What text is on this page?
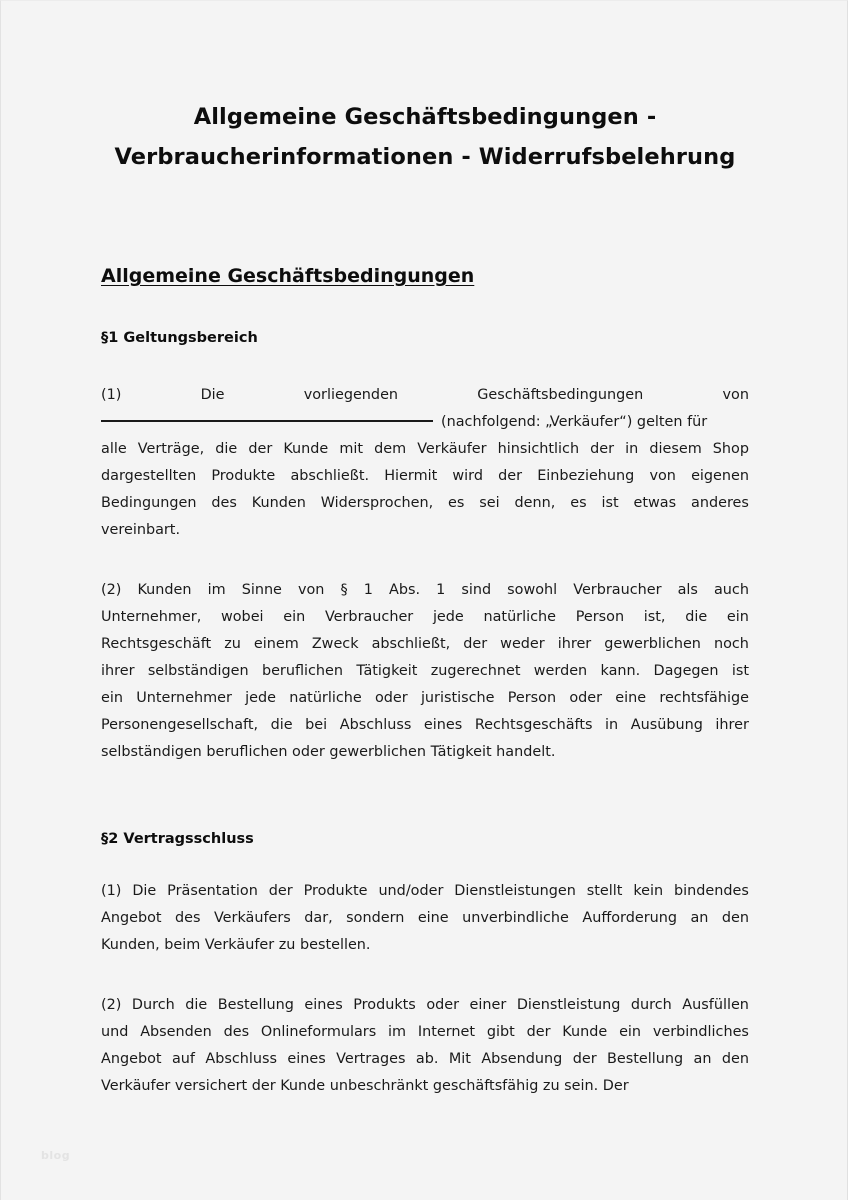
Allgemeine Geschäftsbedingungen -
Verbraucherinformationen - Widerrufsbelehrung
Allgemeine Geschäftsbedingungen
§1 Geltungsbereich

(1)	Die	vorliegenden	Geschäftsbedingungen	von
(nachfolgend: „Verkäufer“) gelten für
alle Verträge, die der Kunde mit dem Verkäufer hinsichtlich der in diesem Shop
dargestellten Produkte abschließt. Hiermit wird der Einbeziehung von eigenen
Bedingungen des Kunden Widersprochen, es sei denn, es ist etwas anderes
vereinbart.

(2) Kunden im Sinne von § 1 Abs. 1 sind sowohl Verbraucher als auch
Unternehmer, wobei ein Verbraucher jede natürliche Person ist, die ein
Rechtsgeschäft zu einem Zweck abschließt, der weder ihrer gewerblichen noch
ihrer selbständigen beruflichen Tätigkeit zugerechnet werden kann. Dagegen ist
ein Unternehmer jede natürliche oder juristische Person oder eine rechtsfähige
Personengesellschaft, die bei Abschluss eines Rechtsgeschäfts in Ausübung ihrer
selbständigen beruflichen oder gewerblichen Tätigkeit handelt.

§2 Vertragsschluss

(1) Die Präsentation der Produkte und/oder Dienstleistungen stellt kein bindendes
Angebot des Verkäufers dar, sondern eine unverbindliche Aufforderung an den
Kunden, beim Verkäufer zu bestellen.

(2) Durch die Bestellung eines Produkts oder einer Dienstleistung durch Ausfüllen
und Absenden des Onlineformulars im Internet gibt der Kunde ein verbindliches
Angebot auf Abschluss eines Vertrages ab. Mit Absendung der Bestellung an den
Verkäufer versichert der Kunde unbeschränkt geschäftsfähig zu sein. Der

blog
